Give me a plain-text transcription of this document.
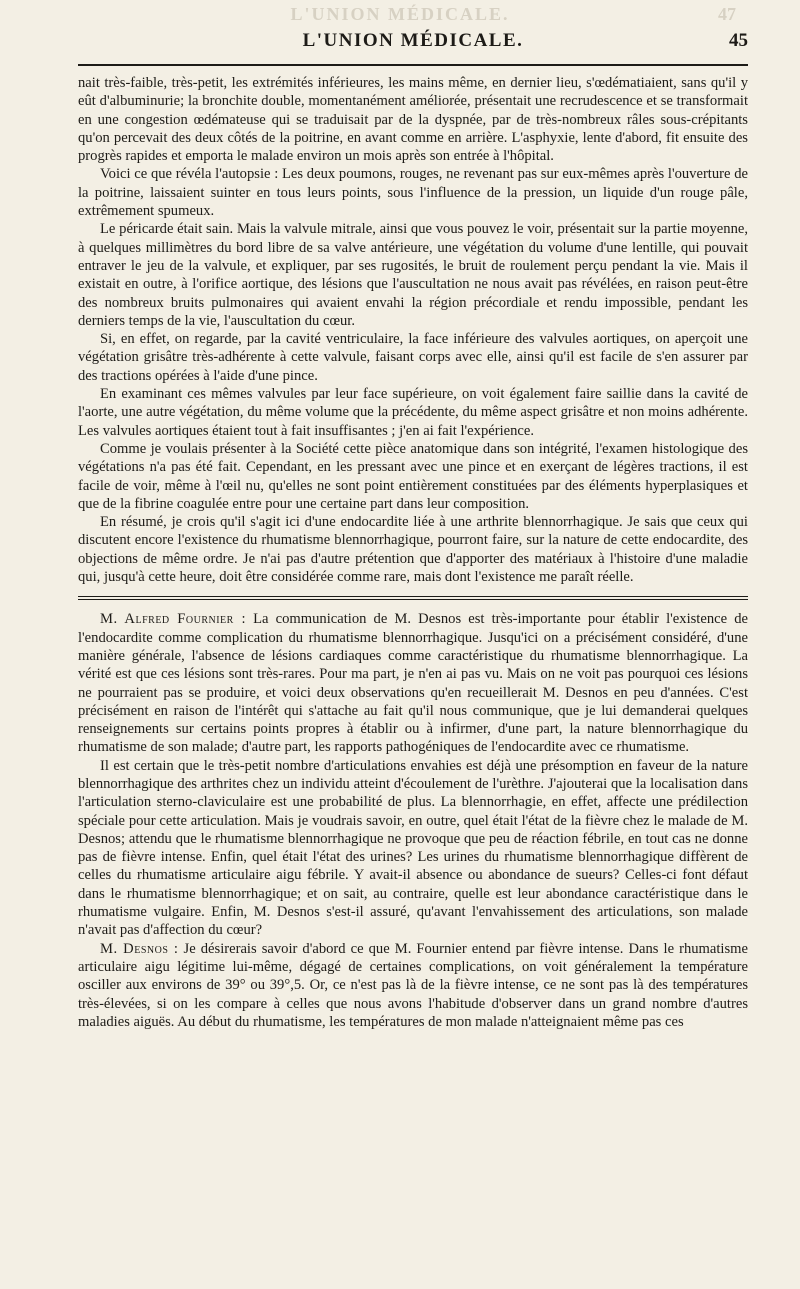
L'UNION MÉDICALE.	47
L'UNION MÉDICALE.	45

nait très-faible, très-petit, les extrémités inférieures, les mains même, en dernier lieu, s'œdématiaient, sans qu'il y eût d'albuminurie; la bronchite double, momentanément améliorée, présentait une recrudescence et se transformait en une congestion œdémateuse qui se traduisait par de la dyspnée, par de très-nombreux râles sous-crépitants qu'on percevait des deux côtés de la poitrine, en avant comme en arrière. L'asphyxie, lente d'abord, fit ensuite des progrès rapides et emporta le malade environ un mois après son entrée à l'hôpital.

Voici ce que révéla l'autopsie : Les deux poumons, rouges, ne revenant pas sur eux-mêmes après l'ouverture de la poitrine, laissaient suinter en tous leurs points, sous l'influence de la pression, un liquide d'un rouge pâle, extrêmement spumeux.

Le péricarde était sain. Mais la valvule mitrale, ainsi que vous pouvez le voir, présentait sur la partie moyenne, à quelques millimètres du bord libre de sa valve antérieure, une végétation du volume d'une lentille, qui pouvait entraver le jeu de la valvule, et expliquer, par ses rugosités, le bruit de roulement perçu pendant la vie. Mais il existait en outre, à l'orifice aortique, des lésions que l'auscultation ne nous avait pas révélées, en raison peut-être des nombreux bruits pulmonaires qui avaient envahi la région précordiale et rendu impossible, pendant les derniers temps de la vie, l'auscultation du cœur.

Si, en effet, on regarde, par la cavité ventriculaire, la face inférieure des valvules aortiques, on aperçoit une végétation grisâtre très-adhérente à cette valvule, faisant corps avec elle, ainsi qu'il est facile de s'en assurer par des tractions opérées à l'aide d'une pince.

En examinant ces mêmes valvules par leur face supérieure, on voit également faire saillie dans la cavité de l'aorte, une autre végétation, du même volume que la précédente, du même aspect grisâtre et non moins adhérente. Les valvules aortiques étaient tout à fait insuffisantes ; j'en ai fait l'expérience.

Comme je voulais présenter à la Société cette pièce anatomique dans son intégrité, l'examen histologique des végétations n'a pas été fait. Cependant, en les pressant avec une pince et en exerçant de légères tractions, il est facile de voir, même à l'œil nu, qu'elles ne sont point entièrement constituées par des éléments hyperplasiques et que de la fibrine coagulée entre pour une certaine part dans leur composition.

En résumé, je crois qu'il s'agit ici d'une endocardite liée à une arthrite blennorrhagique. Je sais que ceux qui discutent encore l'existence du rhumatisme blennorrhagique, pourront faire, sur la nature de cette endocardite, des objections de même ordre. Je n'ai pas d'autre prétention que d'apporter des matériaux à l'histoire d'une maladie qui, jusqu'à cette heure, doit être considérée comme rare, mais dont l'existence me paraît réelle.

M. Alfred Fournier : La communication de M. Desnos est très-importante pour établir l'existence de l'endocardite comme complication du rhumatisme blennorrhagique. Jusqu'ici on a précisément considéré, d'une manière générale, l'absence de lésions cardiaques comme caractéristique du rhumatisme blennorrhagique. La vérité est que ces lésions sont très-rares. Pour ma part, je n'en ai pas vu. Mais on ne voit pas pourquoi ces lésions ne pourraient pas se produire, et voici deux observations qu'en recueillerait M. Desnos en peu d'années. C'est précisément en raison de l'intérêt qui s'attache au fait qu'il nous communique, que je lui demanderai quelques renseignements sur certains points propres à établir ou à infirmer, d'une part, la nature blennorrhagique du rhumatisme de son malade; d'autre part, les rapports pathogéniques de l'endocardite avec ce rhumatisme.

Il est certain que le très-petit nombre d'articulations envahies est déjà une présomption en faveur de la nature blennorrhagique des arthrites chez un individu atteint d'écoulement de l'urèthre. J'ajouterai que la localisation dans l'articulation sterno-claviculaire est une probabilité de plus. La blennorrhagie, en effet, affecte une prédilection spéciale pour cette articulation. Mais je voudrais savoir, en outre, quel était l'état de la fièvre chez le malade de M. Desnos; attendu que le rhumatisme blennorrhagique ne provoque que peu de réaction fébrile, en tout cas ne donne pas de fièvre intense. Enfin, quel était l'état des urines? Les urines du rhumatisme blennorrhagique diffèrent de celles du rhumatisme articulaire aigu fébrile. Y avait-il absence ou abondance de sueurs? Celles-ci font défaut dans le rhumatisme blennorrhagique; et on sait, au contraire, quelle est leur abondance caractéristique dans le rhumatisme vulgaire. Enfin, M. Desnos s'est-il assuré, qu'avant l'envahissement des articulations, son malade n'avait pas d'affection du cœur?

M. Desnos : Je désirerais savoir d'abord ce que M. Fournier entend par fièvre intense. Dans le rhumatisme articulaire aigu légitime lui-même, dégagé de certaines complications, on voit généralement la température osciller aux environs de 39° ou 39°,5. Or, ce n'est pas là de la fièvre intense, ce ne sont pas là des températures très-élevées, si on les compare à celles que nous avons l'habitude d'observer dans un grand nombre d'autres maladies aiguës. Au début du rhumatisme, les températures de mon malade n'atteignaient même pas ces
